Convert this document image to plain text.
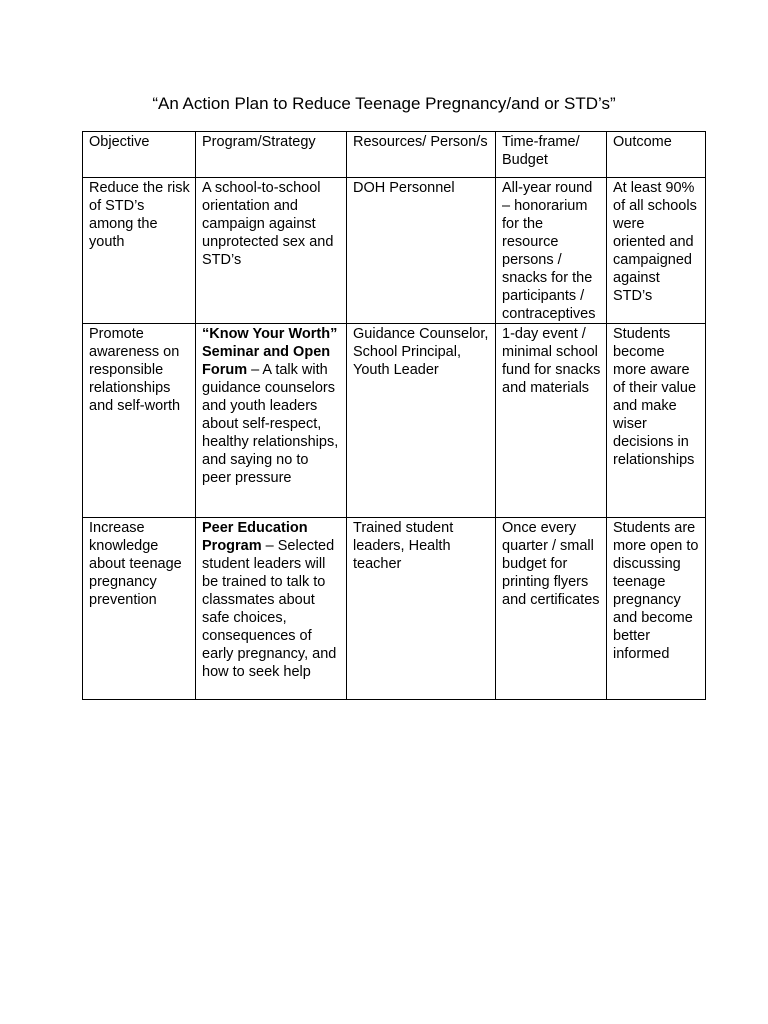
“An Action Plan to Reduce Teenage Pregnancy/and or STD’s”
Objective	Program/Strategy	Resources/ Person/s	Time-frame/ Budget	Outcome
Reduce the risk of STD’s among the youth	A school-to-school orientation and campaign against unprotected sex and STD’s	DOH Personnel	All-year round – honorarium for the resource persons / snacks for the participants / contraceptives	At least 90% of all schools were oriented and campaigned against STD’s
Promote awareness on responsible relationships and self-worth	“Know Your Worth” Seminar and Open Forum – A talk with guidance counselors and youth leaders about self-respect, healthy relationships, and saying no to peer pressure	Guidance Counselor, School Principal, Youth Leader	1-day event / minimal school fund for snacks and materials	Students become more aware of their value and make wiser decisions in relationships
Increase knowledge about teenage pregnancy prevention	Peer Education Program – Selected student leaders will be trained to talk to classmates about safe choices, consequences of early pregnancy, and how to seek help	Trained student leaders, Health teacher	Once every quarter / small budget for printing flyers and certificates	Students are more open to discussing teenage pregnancy and become better informed
